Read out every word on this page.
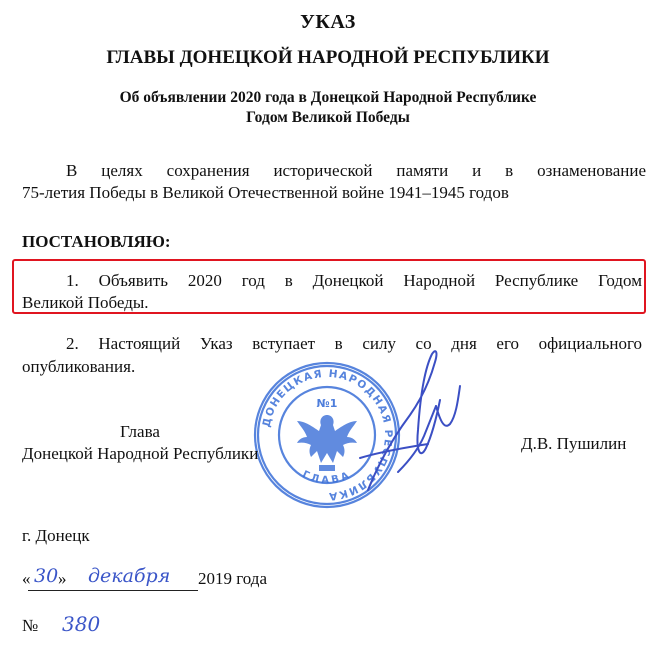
УКАЗ
ГЛАВЫ ДОНЕЦКОЙ НАРОДНОЙ РЕСПУБЛИКИ
Об объявлении 2020 года в Донецкой Народной Республике
Годом Великой Победы
В целях сохранения исторической памяти и в ознаменование
75-летия Победы в Великой Отечественной войне 1941–1945 годов
ПОСТАНОВЛЯЮ:
1. Объявить 2020 год в Донецкой Народной Республике Годом
Великой Победы.
2. Настоящий Указ вступает в силу со дня его официального
опубликования.
ДОНЕЦКАЯ НАРОДНАЯ РЕСПУБЛИКА
ГЛАВА
№1
Глава
Донецкой Народной Республики
Д.В. Пушилин
г. Донецк
« 30 » декабря 2019 года
№ 380
